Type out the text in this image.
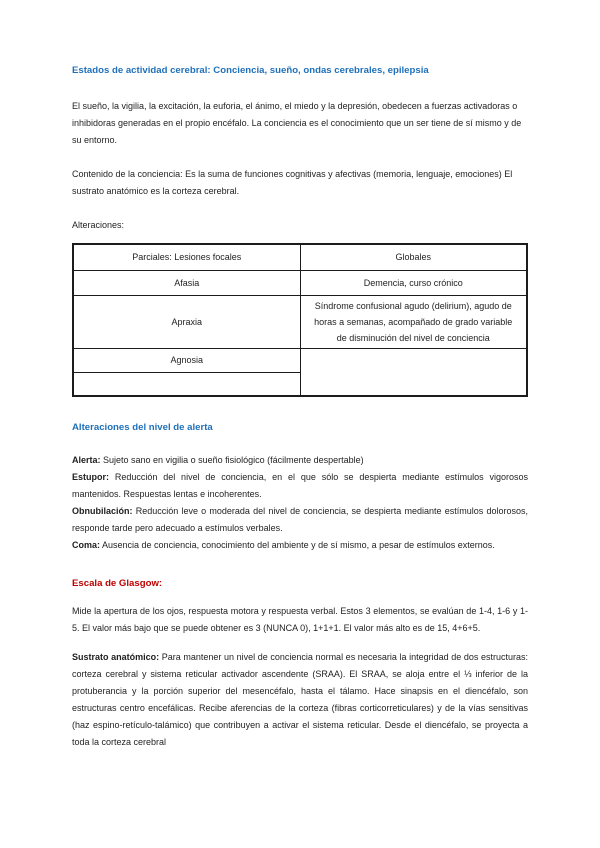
Estados de actividad cerebral: Conciencia, sueño, ondas cerebrales, epilepsia

El sueño, la vigilia, la excitación, la euforia, el ánimo, el miedo y la depresión, obedecen a fuerzas activadoras o inhibidoras generadas en el propio encéfalo. La conciencia es el conocimiento que un ser tiene de sí mismo y de su entorno.

Contenido de la conciencia: Es la suma de funciones cognitivas y afectivas (memoria, lenguaje, emociones) El sustrato anatómico es la corteza cerebral.

Alteraciones:

Parciales: Lesiones focales	Globales
Afasia	Demencia, curso crónico
Apraxia	Síndrome confusional agudo (delirium), agudo de horas a semanas, acompañado de grado variable de disminución del nivel de conciencia
Agnosia	

Alteraciones del nivel de alerta

Alerta: Sujeto sano en vigilia o sueño fisiológico (fácilmente despertable)

Estupor: Reducción del nivel de conciencia, en el que sólo se despierta mediante estímulos vigorosos mantenidos. Respuestas lentas e incoherentes.

Obnubilación: Reducción leve o moderada del nivel de conciencia, se despierta mediante estímulos dolorosos, responde tarde pero adecuado a estímulos verbales.

Coma: Ausencia de conciencia, conocimiento del ambiente y de sí mismo, a pesar de estímulos externos.

Escala de Glasgow:

Mide la apertura de los ojos, respuesta motora y respuesta verbal. Estos 3 elementos, se evalúan de 1-4, 1-6 y 1-5. El valor más bajo que se puede obtener es 3 (NUNCA 0), 1+1+1. El valor más alto es de 15, 4+6+5.

Sustrato anatómico: Para mantener un nivel de conciencia normal es necesaria la integridad de dos estructuras: corteza cerebral y sistema reticular activador ascendente (SRAA). El SRAA, se aloja entre el ⅓ inferior de la protuberancia y la porción superior del mesencéfalo, hasta el tálamo. Hace sinapsis en el diencéfalo, son estructuras centro encefálicas. Recibe aferencias de la corteza (fibras corticorreticulares) y de la vías sensitivas (haz espino-retículo-talámico) que contribuyen a activar el sistema reticular. Desde el diencéfalo, se proyecta a toda la corteza cerebral
